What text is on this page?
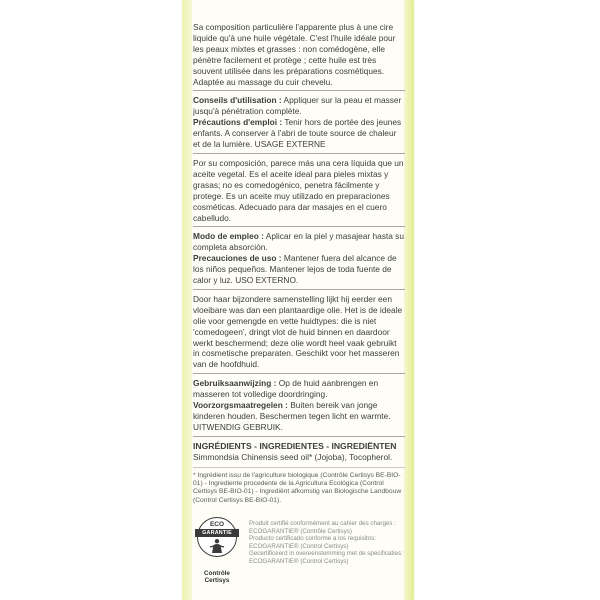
Sa composition particulière l'apparente plus à une cire liquide qu'à une huile végétale. C'est l'huile idéale pour les peaux mixtes et grasses : non comédogène, elle pénètre facilement et protège ; cette huile est très souvent utilisée dans les préparations cosmétiques. Adaptée au massage du cuir chevelu.

Conseils d'utilisation : Appliquer sur la peau et masser jusqu'à pénétration complète.

Précautions d'emploi : Tenir hors de portée des jeunes enfants. A conserver à l'abri de toute source de chaleur et de la lumière. USAGE EXTERNE

Por su composición, parece más una cera líquida que un aceite vegetal. Es el aceite ideal para pieles mixtas y grasas; no es comedogénico, penetra fácilmente y protege. Es un aceite muy utilizado en preparaciones cosméticas. Adecuado para dar masajes en el cuero cabelludo.

Modo de empleo : Aplicar en la piel y masajear hasta su completa absorción.

Precauciones de uso : Mantener fuera del alcance de los niños pequeños. Mantener lejos de toda fuente de calor y luz. USO EXTERNO.

Door haar bijzondere samenstelling lijkt hij eerder een vloeibare was dan een plantaardige olie. Het is de ideale olie voor gemengde en vette huidtypes: die is niet 'comedogeen', dringt vlot de huid binnen en daardoor werkt beschermend; deze olie wordt heel vaak gebruikt in cosmetische preparaten. Geschikt voor het masseren van de hoofdhuid.

Gebruiksaanwijzing : Op de huid aanbrengen en masseren tot volledige doordringing.

Voorzorgsmaatregelen : Buiten bereik van jonge kinderen houden. Beschermen tegen licht en warmte. UITWENDIG GEBRUIK.

INGRÉDIENTS - INGREDIENTES - INGREDIËNTEN

Simmondsia Chinensis seed oil* (Jojoba), Tocopherol.

* Ingrédient issu de l'agriculture biologique (Contrôle Certisys BE-BIO-01) - Ingrediente procedente de la Agricultura Ecológica (Control Certisys BE-BIO-01) - Ingrediënt afkomstig van Biologische Landbouw (Control Certisys BE-BIO-01).

ECO
GARANTIE
Contrôle Certisys
Produit certifié conformément au cahier des charges :
ECOGARANTIE® (Contrôle Certisys)
Producto certificado conforme a los requisitos:
ECOGARANTIE® (Control Certisys)
Gecertificeerd in overeenstemming met de specificaties:
ECOGARANTIE® (Control Certisys)
